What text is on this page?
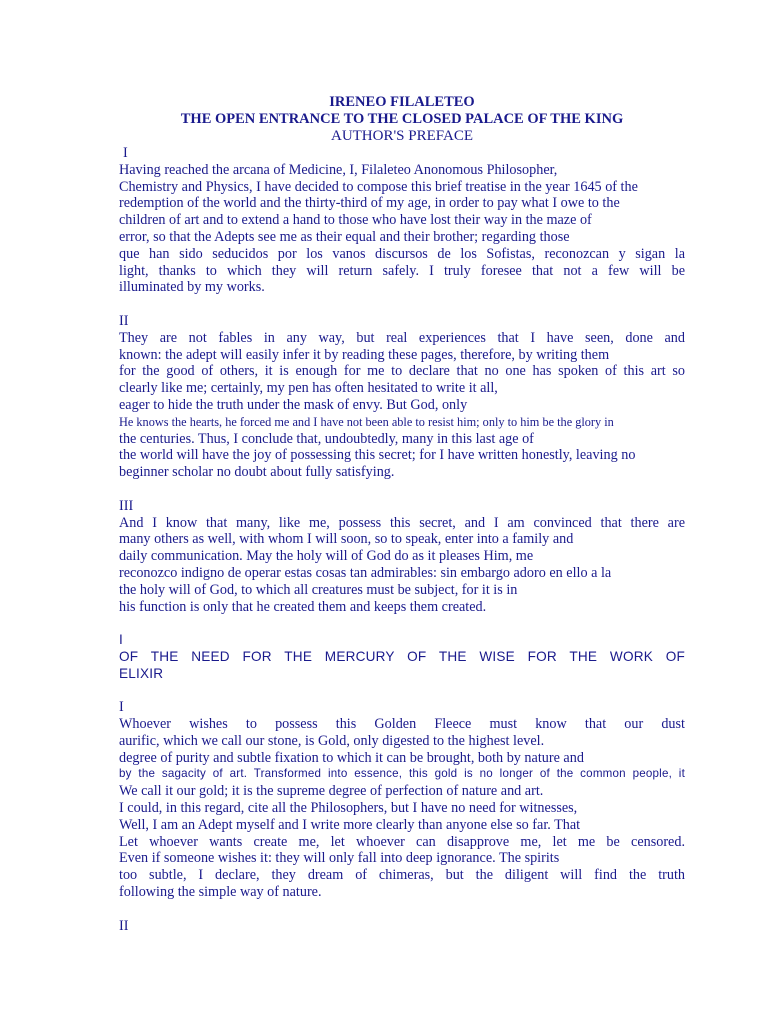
IRENEO FILALETEO
THE OPEN ENTRANCE TO THE CLOSED PALACE OF THE KING
AUTHOR'S PREFACE
I
Having reached the arcana of Medicine, I, Filaleteo Anonomous Philosopher,
Chemistry and Physics, I have decided to compose this brief treatise in the year 1645 of the
redemption of the world and the thirty-third of my age, in order to pay what I owe to the
children of art and to extend a hand to those who have lost their way in the maze of
error, so that the Adepts see me as their equal and their brother; regarding those
que han sido seducidos por los vanos discursos de los Sofistas, reconozcan y sigan la
light, thanks to which they will return safely. I truly foresee that not a few will be
illuminated by my works.
II
They are not fables in any way, but real experiences that I have seen, done and
known: the adept will easily infer it by reading these pages, therefore, by writing them
for the good of others, it is enough for me to declare that no one has spoken of this art so
clearly like me; certainly, my pen has often hesitated to write it all,
eager to hide the truth under the mask of envy. But God, only
He knows the hearts, he forced me and I have not been able to resist him; only to him be the glory in
the centuries. Thus, I conclude that, undoubtedly, many in this last age of
the world will have the joy of possessing this secret; for I have written honestly, leaving no
beginner scholar no doubt about fully satisfying.
III
And I know that many, like me, possess this secret, and I am convinced that there are
many others as well, with whom I will soon, so to speak, enter into a family and
daily communication. May the holy will of God do as it pleases Him, me
reconozco indigno de operar estas cosas tan admirables: sin embargo adoro en ello a la
the holy will of God, to which all creatures must be subject, for it is in
his function is only that he created them and keeps them created.
I
OF THE NEED FOR THE MERCURY OF THE WISE FOR THE WORK OF
ELIXIR
I
Whoever wishes to possess this Golden Fleece must know that our dust
aurific, which we call our stone, is Gold, only digested to the highest level.
degree of purity and subtle fixation to which it can be brought, both by nature and
by the sagacity of art. Transformed into essence, this gold is no longer of the common people, it
We call it our gold; it is the supreme degree of perfection of nature and art.
I could, in this regard, cite all the Philosophers, but I have no need for witnesses,
Well, I am an Adept myself and I write more clearly than anyone else so far. That
Let whoever wants create me, let whoever can disapprove me, let me be censored.
Even if someone wishes it: they will only fall into deep ignorance. The spirits
too subtle, I declare, they dream of chimeras, but the diligent will find the truth
following the simple way of nature.
II
